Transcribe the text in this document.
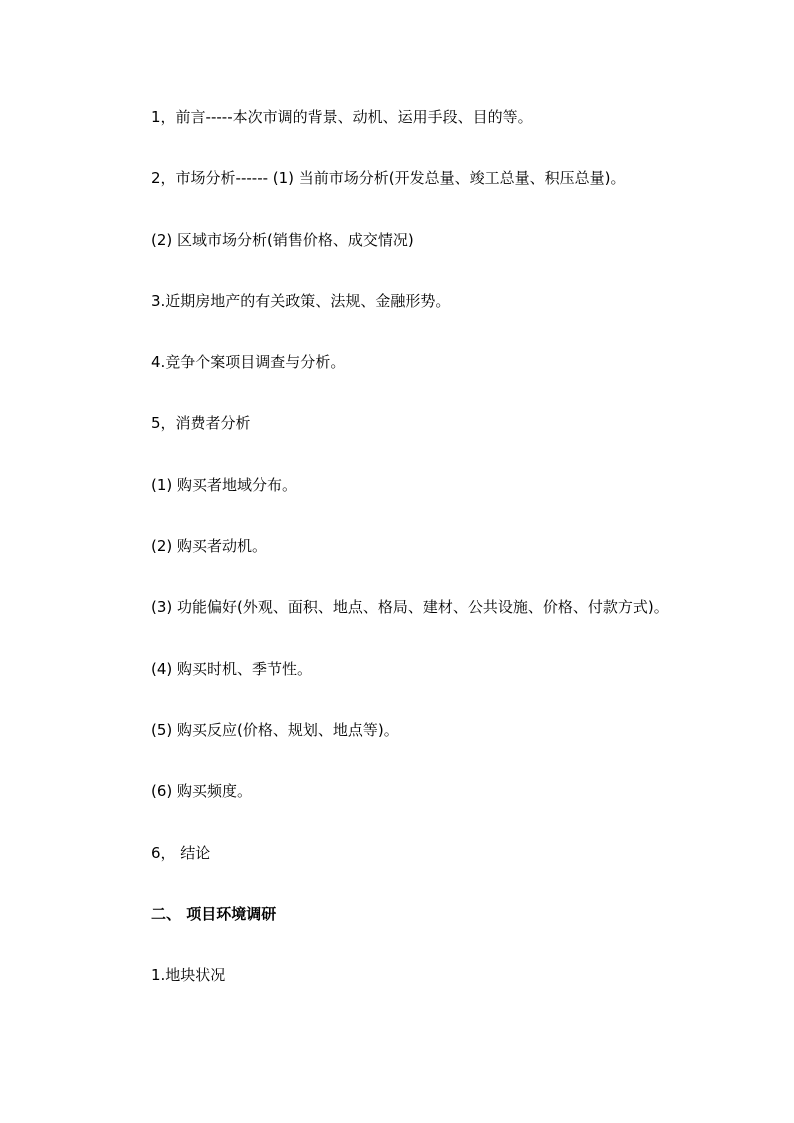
1，前言-----本次市调的背景、动机、运用手段、目的等。
2，市场分析------ (1) 当前市场分析(开发总量、竣工总量、积压总量)。
(2) 区域市场分析(销售价格、成交情况)
3.近期房地产的有关政策、法规、金融形势。
4.竞争个案项目调查与分析。
5，消费者分析
(1) 购买者地域分布。
(2) 购买者动机。
(3) 功能偏好(外观、面积、地点、格局、建材、公共设施、价格、付款方式)。
(4) 购买时机、季节性。
(5) 购买反应(价格、规划、地点等)。
(6) 购买频度。
6， 结论
二、 项目环境调研
1.地块状况
